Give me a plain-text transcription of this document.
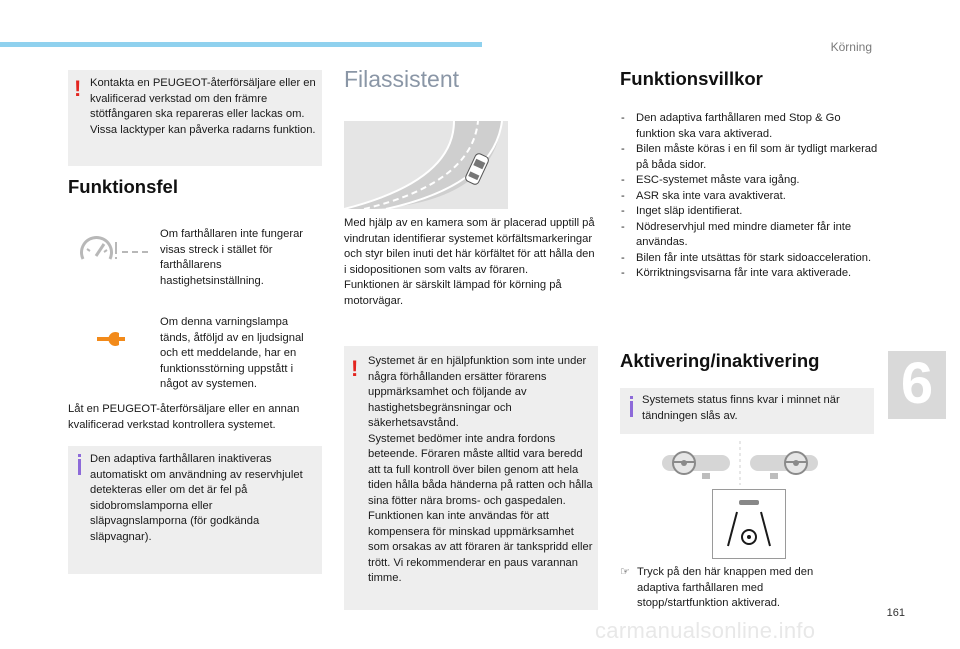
Körning
6
161
carmanualsonline.info
! Kontakta en PEUGEOT-återförsäljare eller en kvalificerad verkstad om den främre stötfångaren ska repareras eller lackas om. Vissa lacktyper kan påverka radarns funktion.
Funktionsfel
Om farthållaren inte fungerar visas streck i stället för farthållarens hastighetsinställning.
Om denna varningslampa tänds, åtföljd av en ljudsignal och ett meddelande, har en funktionsstörning uppstått i något av systemen.
Låt en PEUGEOT-återförsäljare eller en annan kvalificerad verkstad kontrollera systemet.
Den adaptiva farthållaren inaktiveras automatiskt om användning av reservhjulet detekteras eller om det är fel på sidobromslamporna eller släpvagnslamporna (för godkända släpvagnar).
Filassistent
Med hjälp av en kamera som är placerad upptill på vindrutan identifierar systemet körfältsmarkeringar och styr bilen inuti det här körfältet för att hålla den i sidopositionen som valts av föraren.
Funktionen är särskilt lämpad för körning på motorvägar.
! Systemet är en hjälpfunktion som inte under några förhållanden ersätter förarens uppmärksamhet och följande av hastighetsbegränsningar och säkerhetsavstånd.
Systemet bedömer inte andra fordons beteende. Föraren måste alltid vara beredd att ta full kontroll över bilen genom att hela tiden hålla båda händerna på ratten och hålla sina fötter nära broms- och gaspedalen.
Funktionen kan inte användas för att kompensera för minskad uppmärksamhet som orsakas av att föraren är tankspridd eller trött. Vi rekommenderar en paus varannan timme.
Funktionsvillkor
- Den adaptiva farthållaren med Stop & Go funktion ska vara aktiverad.
- Bilen måste köras i en fil som är tydligt markerad på båda sidor.
- ESC-systemet måste vara igång.
- ASR ska inte vara avaktiverat.
- Inget släp identifierat.
- Nödreservhjul med mindre diameter får inte användas.
- Bilen får inte utsättas för stark sidoacceleration.
- Körriktningsvisarna får inte vara aktiverade.
Aktivering/inaktivering
Systemets status finns kvar i minnet när tändningen slås av.
☞ Tryck på den här knappen med den adaptiva farthållaren med stopp/startfunktion aktiverad.
